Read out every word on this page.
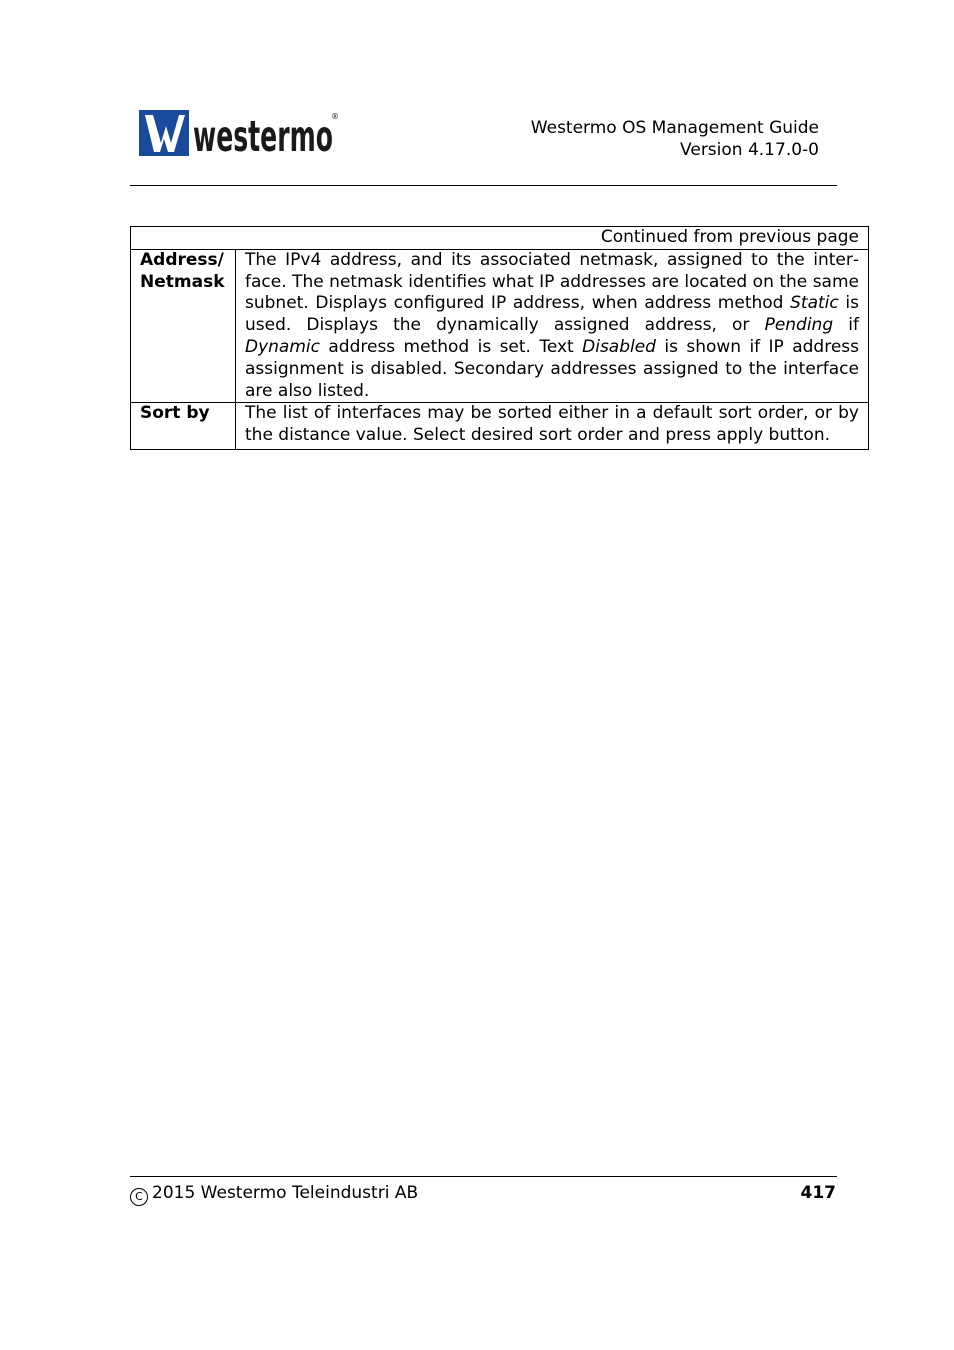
westermo
®
Westermo OS Management Guide
Version 4.17.0-0
Continued from previous page	
Address/
Netmask	The IPv4 address, and its associated netmask, assigned to the interface. The netmask identifies what IP addresses are located on the same subnet. Displays configured IP address, when address method Static is used. Displays the dynamically assigned address, or Pending if Dynamic address method is set. Text Disabled is shown if IP address assignment is disabled. Secondary addresses assigned to the interface are also listed.
Sort by	The list of interfaces may be sorted either in a default sort order, or by the distance value. Select desired sort order and press apply button.
C 2015 Westermo Teleindustri AB	417
